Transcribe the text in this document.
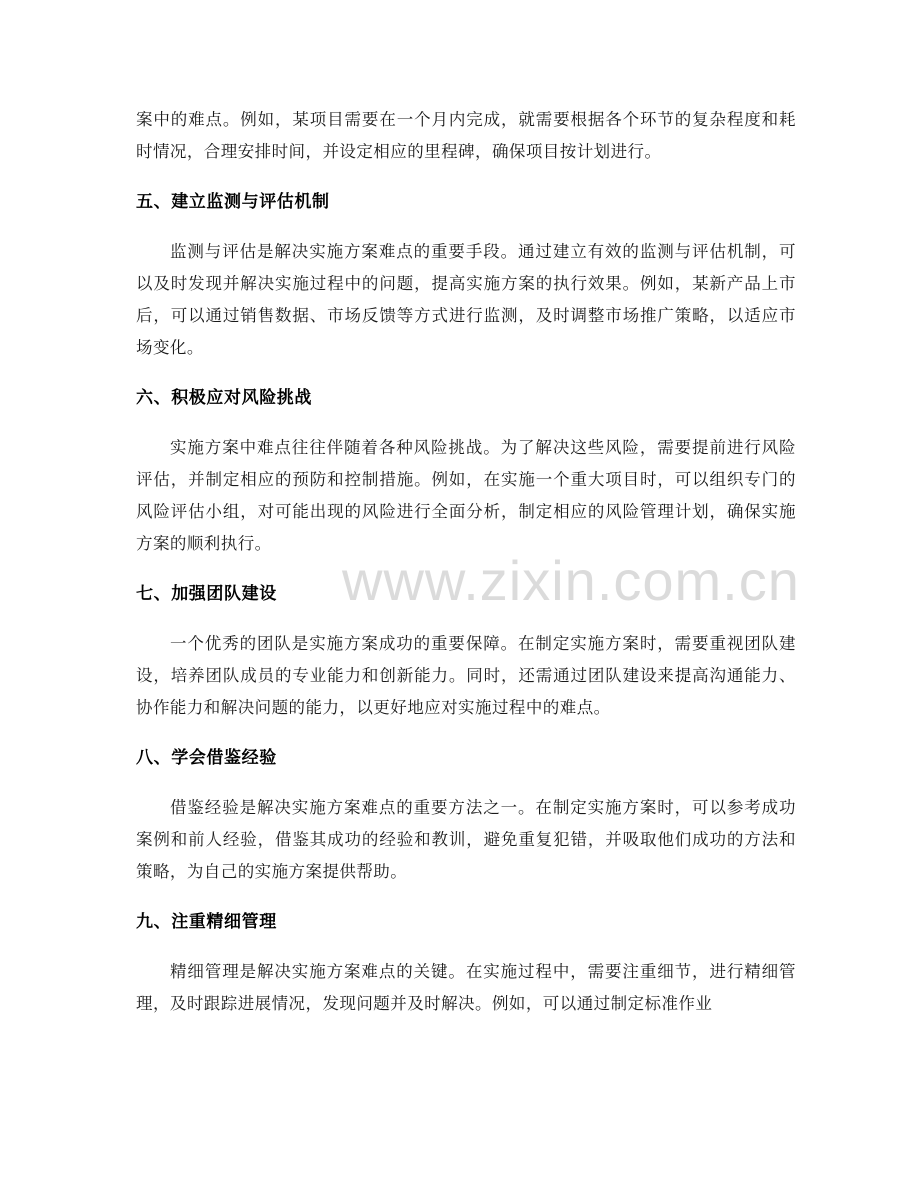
案中的难点。例如，某项目需要在一个月内完成，就需要根据各个环节的复杂程度和耗时情况，合理安排时间，并设定相应的里程碑，确保项目按计划进行。

五、建立监测与评估机制

监测与评估是解决实施方案难点的重要手段。通过建立有效的监测与评估机制，可以及时发现并解决实施过程中的问题，提高实施方案的执行效果。例如，某新产品上市后，可以通过销售数据、市场反馈等方式进行监测，及时调整市场推广策略，以适应市场变化。

六、积极应对风险挑战

实施方案中难点往往伴随着各种风险挑战。为了解决这些风险，需要提前进行风险评估，并制定相应的预防和控制措施。例如，在实施一个重大项目时，可以组织专门的风险评估小组，对可能出现的风险进行全面分析，制定相应的风险管理计划，确保实施方案的顺利执行。

七、加强团队建设

一个优秀的团队是实施方案成功的重要保障。在制定实施方案时，需要重视团队建设，培养团队成员的专业能力和创新能力。同时，还需通过团队建设来提高沟通能力、协作能力和解决问题的能力，以更好地应对实施过程中的难点。

八、学会借鉴经验

借鉴经验是解决实施方案难点的重要方法之一。在制定实施方案时，可以参考成功案例和前人经验，借鉴其成功的经验和教训，避免重复犯错，并吸取他们成功的方法和策略，为自己的实施方案提供帮助。

九、注重精细管理

精细管理是解决实施方案难点的关键。在实施过程中，需要注重细节，进行精细管理，及时跟踪进展情况，发现问题并及时解决。例如，可以通过制定标准作业

www.zixin.com.cn
